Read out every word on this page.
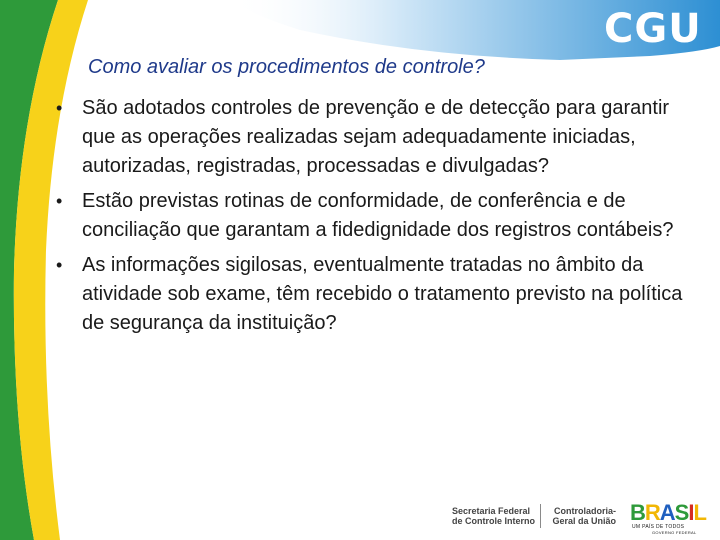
CGU
Como avaliar os procedimentos de controle?
• São adotados controles de prevenção e de detecção para garantir que as operações realizadas sejam adequadamente iniciadas, autorizadas, registradas, processadas e divulgadas?
• Estão previstas rotinas de conformidade, de conferência e de conciliação que garantam a fidedignidade dos registros contábeis?
• As informações sigilosas, eventualmente tratadas no âmbito da atividade sob exame, têm recebido o tratamento previsto na política de segurança da instituição?
Secretaria Federal de Controle Interno
Controladoria-Geral da União BRASIL
UM PAÍS DE TODOS
GOVERNO FEDERAL
